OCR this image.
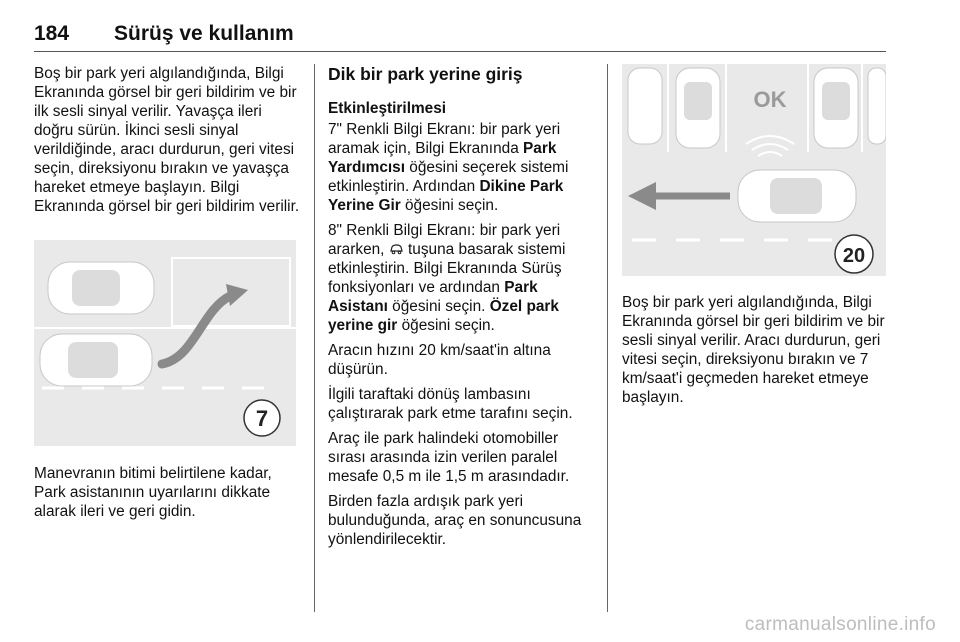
184 Sürüş ve kullanım

Boş bir park yeri algılandığında, Bilgi Ekranında görsel bir geri bildirim ve bir ilk sesli sinyal verilir. Yavaşça ileri doğru sürün. İkinci sesli sinyal verildiğinde, aracı durdurun, geri vitesi seçin, direksiyonu bırakın ve yavaşça hareket etmeye başlayın. Bilgi Ekranında görsel bir geri bildirim verilir.

7
Manevranın bitimi belirtilene kadar, Park asistanının uyarılarını dikkate alarak ileri ve geri gidin.
Dik bir park yerine giriş
Etkinleştirilmesi

7" Renkli Bilgi Ekranı: bir park yeri aramak için, Bilgi Ekranında Park Yardımcısı öğesini seçerek sistemi etkinleştirin. Ardından Dikine Park Yerine Gir öğesini seçin.

8" Renkli Bilgi Ekranı: bir park yeri ararken,  tuşuna basarak sistemi etkinleştirin. Bilgi Ekranında Sürüş fonksiyonları ve ardından Park Asistanı öğesini seçin. Özel park yerine gir öğesini seçin.

Aracın hızını 20 km/saat'in altına düşürün.

İlgili taraftaki dönüş lambasını çalıştırarak park etme tarafını seçin.

Araç ile park halindeki otomobiller sırası arasında izin verilen paralel mesafe 0,5 m ile 1,5 m arasındadır.

Birden fazla ardışık park yeri bulunduğunda, araç en sonuncusuna yönlendirilecektir.

OK
20
Boş bir park yeri algılandığında, Bilgi Ekranında görsel bir geri bildirim ve bir sesli sinyal verilir. Aracı durdurun, geri vitesi seçin, direksiyonu bırakın ve 7 km/saat'i geçmeden hareket etmeye başlayın.
carmanualsonline.info
